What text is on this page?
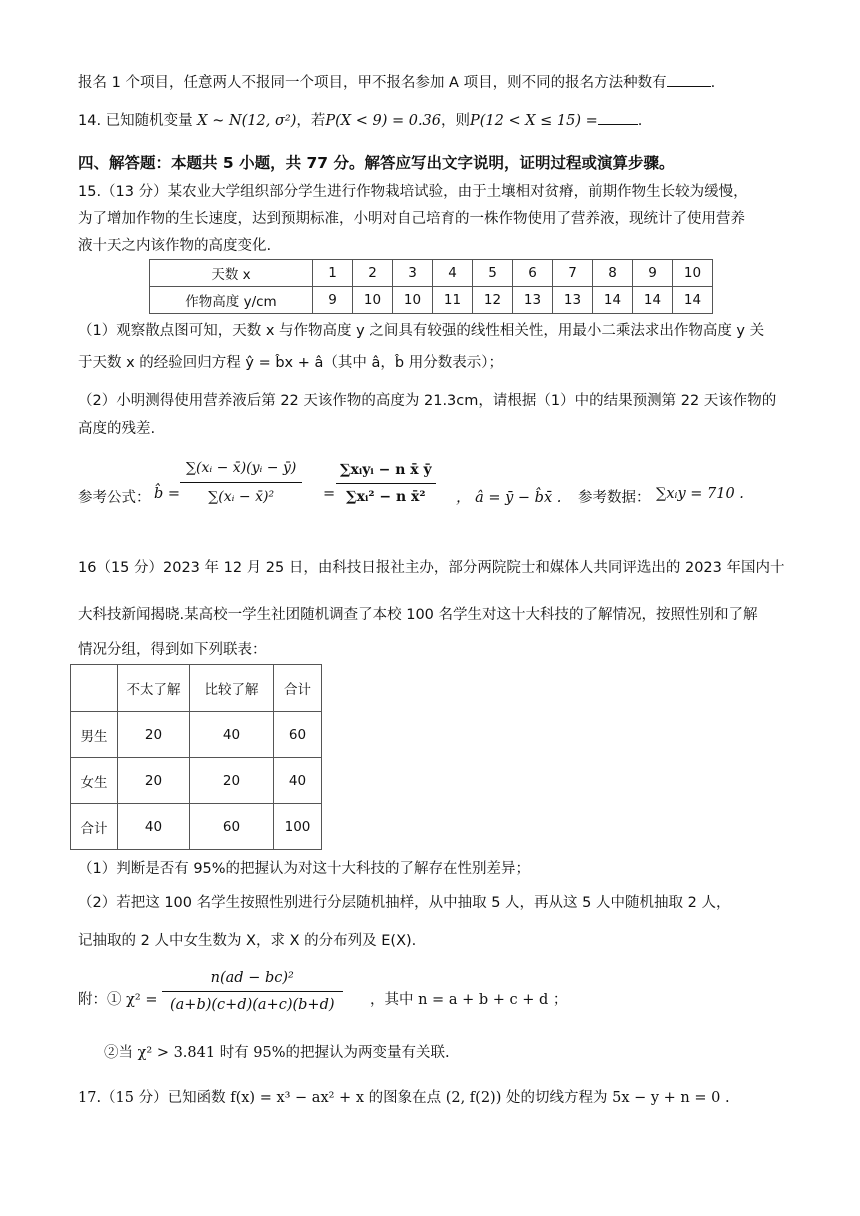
报名 1 个项目，任意两人不报同一个项目，甲不报名参加 A 项目，则不同的报名方法种数有	.
14. 已知随机变量 X ~ N(12, σ²)，若P(X < 9) = 0.36，则P(12 < X ≤ 15) =	.
四、解答题：本题共 5 小题，共 77 分。解答应写出文字说明，证明过程或演算步骤。
15.（13 分）某农业大学组织部分学生进行作物栽培试验，由于土壤相对贫瘠，前期作物生长较为缓慢，
为了增加作物的生长速度，达到预期标准，小明对自己培育的一株作物使用了营养液，现统计了使用营养
液十天之内该作物的高度变化.
天数 x	1	2	3	4	5	6	7	8	9	10
作物高度 y/cm	9	10	10	11	12	13	13	14	14	14
（1）观察散点图可知，天数 x 与作物高度 y 之间具有较强的线性相关性，用最小二乘法求出作物高度 y 关
于天数 x 的经验回归方程 ŷ = b̂x + â（其中 â，b̂ 用分数表示）；
（2）小明测得使用营养液后第 22 天该作物的高度为 21.3cm，请根据（1）中的结果预测第 22 天该作物的
高度的残差.
参考公式： b̂ = $\frac{\text{∑(xᵢ − x̄)(yᵢ − ȳ)}}{\text{∑(xᵢ − x̄)²}}$ =
∑xᵢyᵢ − n x̄ ȳ
∑xᵢ² − n x̄²	， â = ȳ − b̂x̄ . 参考数据： ∑xᵢy = 710 .
16（15 分）2023 年 12 月 25 日，由科技日报社主办，部分两院院士和媒体人共同评选出的 2023 年国内十
大科技新闻揭晓.某高校一学生社团随机调查了本校 100 名学生对这十大科技的了解情况，按照性别和了解
情况分组，得到如下列联表：
	不太了解	比较了解	合计
男生	20	40	60
女生	20	20	40
合计	40	60	100
（1）判断是否有 95%的把握认为对这十大科技的了解存在性别差异；
（2）若把这 100 名学生按照性别进行分层随机抽样，从中抽取 5 人，再从这 5 人中随机抽取 2 人，
记抽取的 2 人中女生数为 X，求 X 的分布列及 E(X).
附：① $\chi^2 = \frac{\text{n(ad − bc)²}}{(a+b)(c+d)(a+c)(b+d)}$ ，其中 n = a + b + c + d ；
②当 χ² > 3.841 时有 95%的把握认为两变量有关联.
17.（15 分）已知函数 f(x) = x³ − ax² + x 的图象在点 (2, f(2)) 处的切线方程为 5x − y + n = 0 .
